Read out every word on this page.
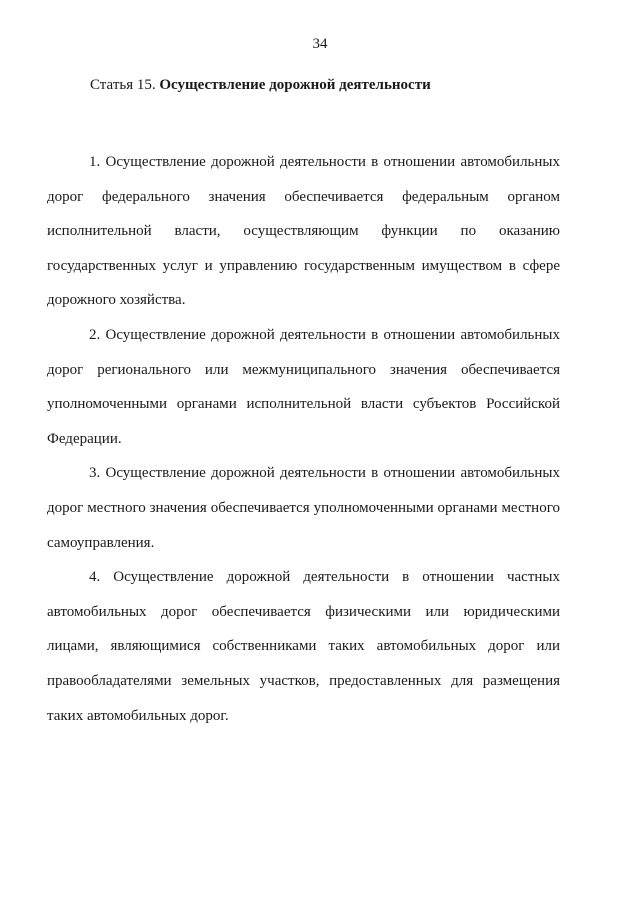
34
Статья 15. Осуществление дорожной деятельности

1. Осуществление дорожной деятельности в отношении автомобильных дорог федерального значения обеспечивается федеральным органом исполнительной власти, осуществляющим функции по оказанию государственных услуг и управлению государственным имуществом в сфере дорожного хозяйства.

2. Осуществление дорожной деятельности в отношении автомобильных дорог регионального или межмуниципального значения обеспечивается уполномоченными органами исполнительной власти субъектов Российской Федерации.

3. Осуществление дорожной деятельности в отношении автомобильных дорог местного значения обеспечивается уполномоченными органами местного самоуправления.

4. Осуществление дорожной деятельности в отношении частных автомобильных дорог обеспечивается физическими или юридическими лицами, являющимися собственниками таких автомобильных дорог или правообладателями земельных участков, предоставленных для размещения таких автомобильных дорог.
